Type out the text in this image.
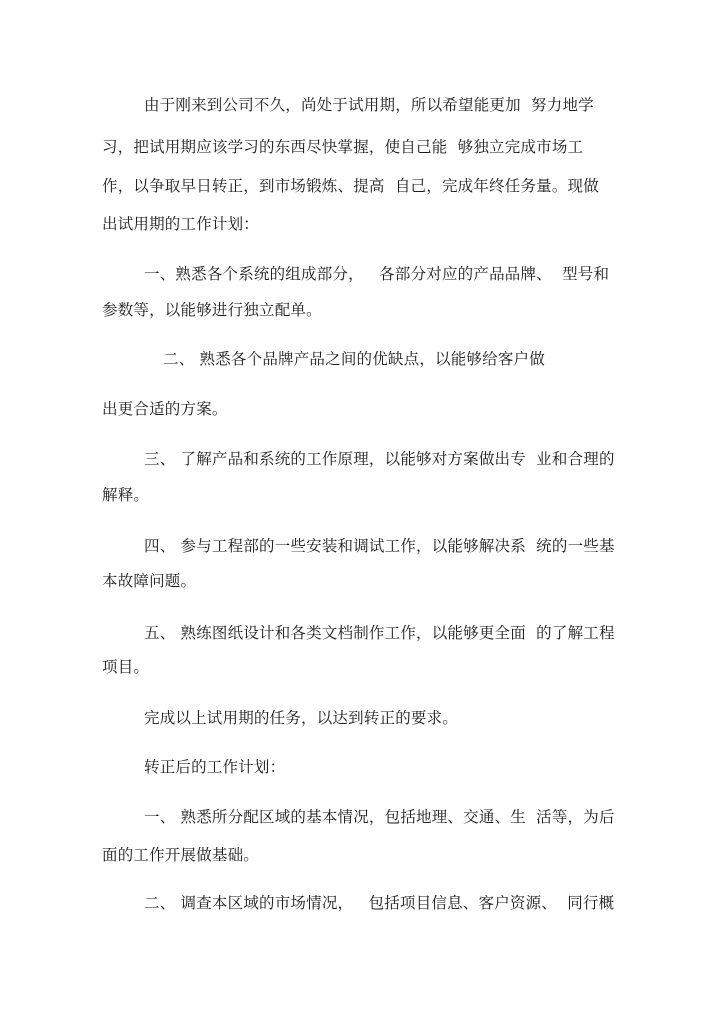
由于刚来到公司不久，尚处于试用期，所以希望能更加  努力地学
习，把试用期应该学习的东西尽快掌握，使自己能  够独立完成市场工
作，以争取早日转正，到市场锻炼、提高  自己，完成年终任务量。现做
出试用期的工作计划：
一、熟悉各个系统的组成部分，   各部分对应的产品品牌、  型号和
参数等，以能够进行独立配单。
二、 熟悉各个品牌产品之间的优缺点，以能够给客户做
出更合适的方案。
三、 了解产品和系统的工作原理，以能够对方案做出专  业和合理的
解释。
四、 参与工程部的一些安装和调试工作，以能够解决系  统的一些基
本故障问题。
五、 熟练图纸设计和各类文档制作工作，以能够更全面  的了解工程
项目。
完成以上试用期的任务，以达到转正的要求。
转正后的工作计划：
一、 熟悉所分配区域的基本情况，包括地理、交通、生  活等，为后
面的工作开展做基础。
二、 调查本区域的市场情况，   包括项目信息、客户资源、  同行概
